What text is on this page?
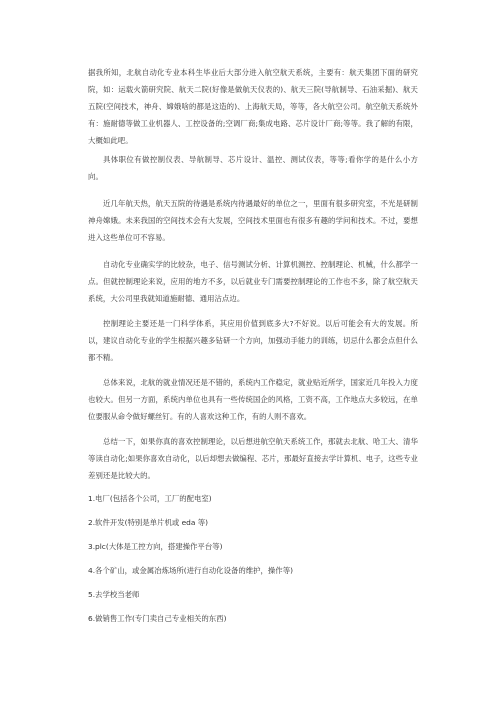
据我所知，北航自动化专业本科生毕业后大部分进入航空航天系统，主要有：航天集团下面的研究院，如：运载火箭研究院、航天二院(好像是做航天仪表的)、航天三院(导航制导、石油采掘)、航天五院(空间技术，神舟、嫦娥啥的都是这造的)、上海航天局，等等，各大航空公司。航空航天系统外有：施耐德等做工业机器人、工控设备的;空调厂商;集成电路、芯片设计厂商;等等。我了解的有限，大概如此吧。

具体职位有做控制仪表、导航制导、芯片设计、温控、测试仪表，等等;看你学的是什么小方向。

近几年航天热，航天五院的待遇是系统内待遇最好的单位之一，里面有很多研究室，不光是研制神舟嫦娥。未来我国的空间技术会有大发展，空间技术里面也有很多有趣的学问和技术。不过，要想进入这些单位可不容易。

自动化专业确实学的比较杂，电子、信号测试分析、计算机测控、控制理论、机械，什么都学一点。但就控制理论来说，应用的地方不多，以后就业专门需要控制理论的工作也不多，除了航空航天系统，大公司里我就知道施耐德、通用沾点边。

控制理论主要还是一门科学体系，其应用价值到底多大?不好说。以后可能会有大的发展。所以，建议自动化专业的学生根据兴趣多钻研一个方向，加强动手能力的训练，切忌什么都会点但什么都不精。

总体来说，北航的就业情况还是不错的，系统内工作稳定，就业贴近所学，国家近几年投入力度也较大。但另一方面，系统内单位也具有一些传统国企的风格，工资不高，工作地点大多较远，在单位要服从命令做好螺丝钉。有的人喜欢这种工作，有的人则不喜欢。

总结一下，如果你真的喜欢控制理论，以后想进航空航天系统工作，那就去北航、哈工大、清华等读自动化;如果你喜欢自动化，以后却想去做编程、芯片，那最好直接去学计算机、电子，这些专业差别还是比较大的。

1.电厂(包括各个公司，工厂的配电室)

2.软件开发(特别是单片机或 eda 等)

3.plc(大体是工控方向，搭建操作平台等)

4.各个矿山，或金属冶炼场所(进行自动化设备的维护，操作等)

5.去学校当老师

6.做销售工作(专门卖自己专业相关的东西)
